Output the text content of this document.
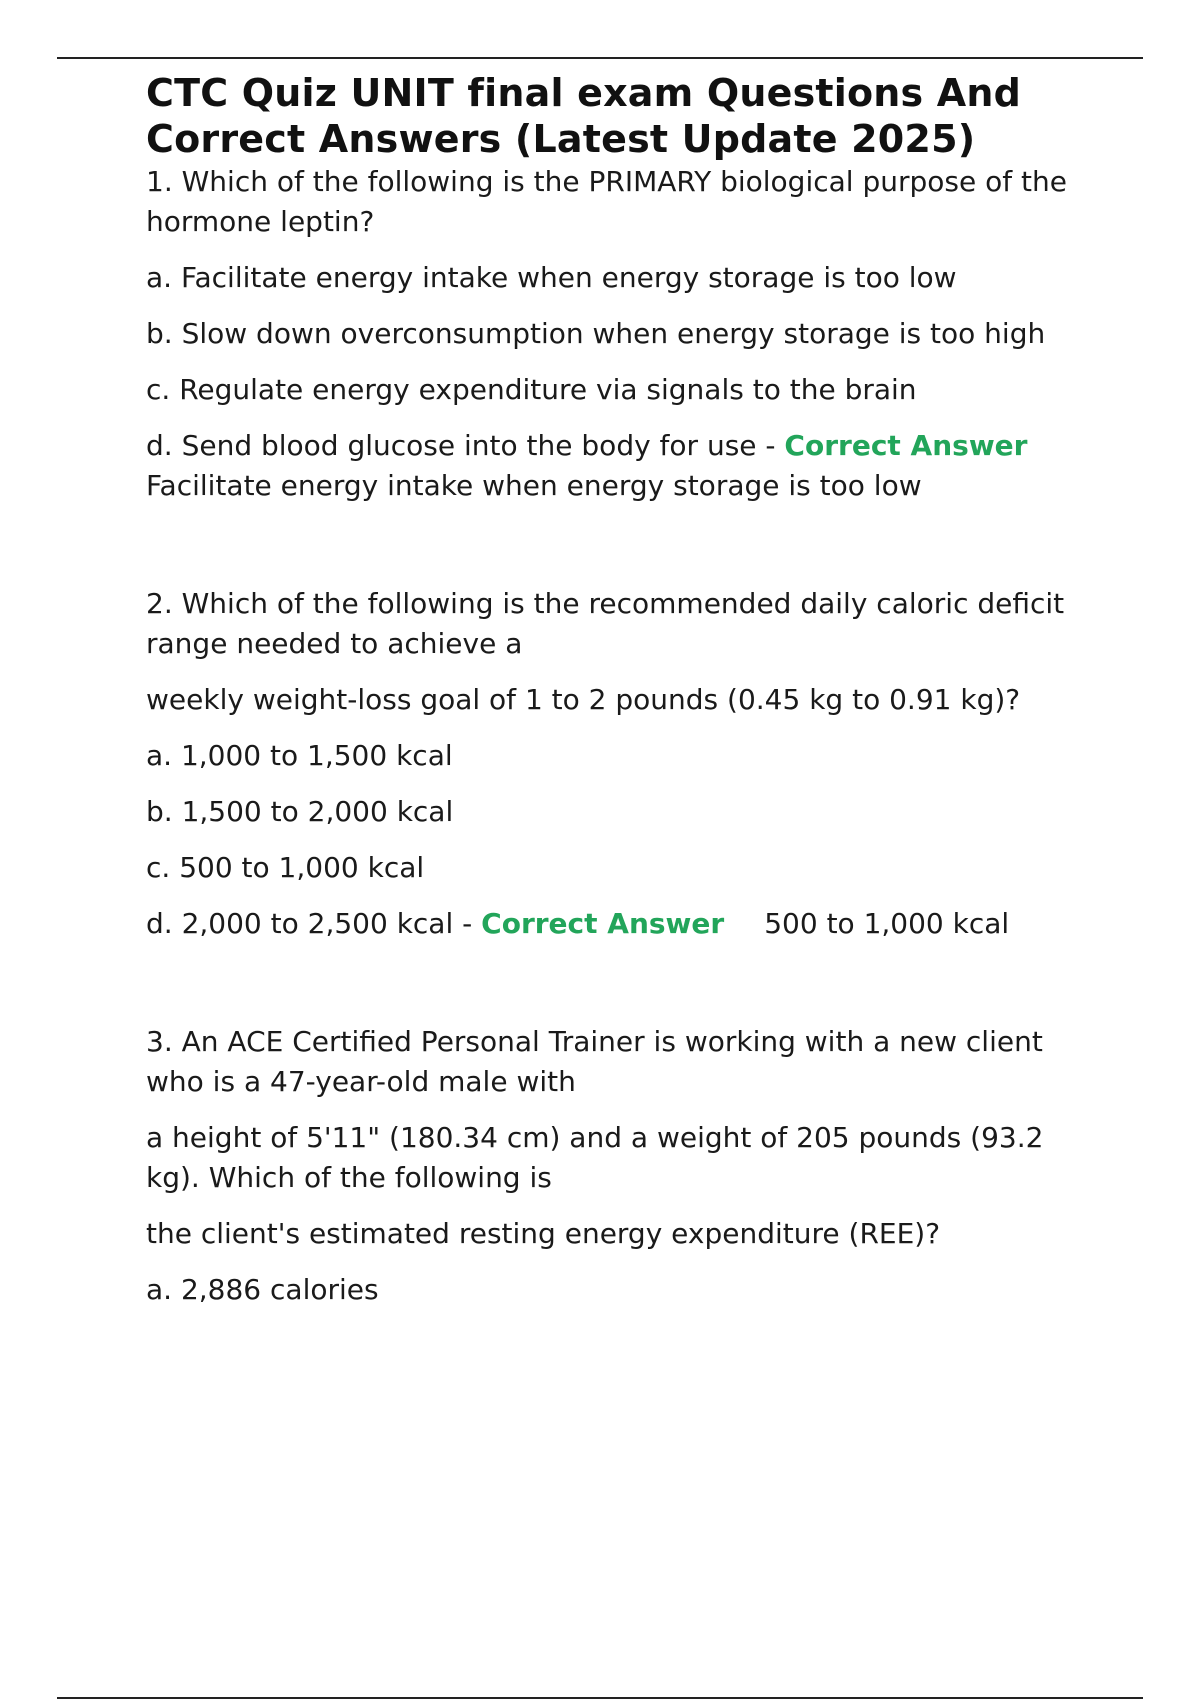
CTC Quiz UNIT final exam Questions And
Correct Answers (Latest Update 2025)

1. Which of the following is the PRIMARY biological purpose of the hormone leptin?

a. Facilitate energy intake when energy storage is too low

b. Slow down overconsumption when energy storage is too high

c. Regulate energy expenditure via signals to the brain

d. Send blood glucose into the body for use - Correct AnswerFacilitate energy intake when energy storage is too low

2. Which of the following is the recommended daily caloric deficit range needed to achieve a

weekly weight-loss goal of 1 to 2 pounds (0.45 kg to 0.91 kg)?

a. 1,000 to 1,500 kcal

b. 1,500 to 2,000 kcal

c. 500 to 1,000 kcal

d. 2,000 to 2,500 kcal - Correct Answer 500 to 1,000 kcal

3. An ACE Certified Personal Trainer is working with a new client who is a 47-year-old male with

a height of 5'11" (180.34 cm) and a weight of 205 pounds (93.2 kg). Which of the following is

the client's estimated resting energy expenditure (REE)?

a. 2,886 calories
